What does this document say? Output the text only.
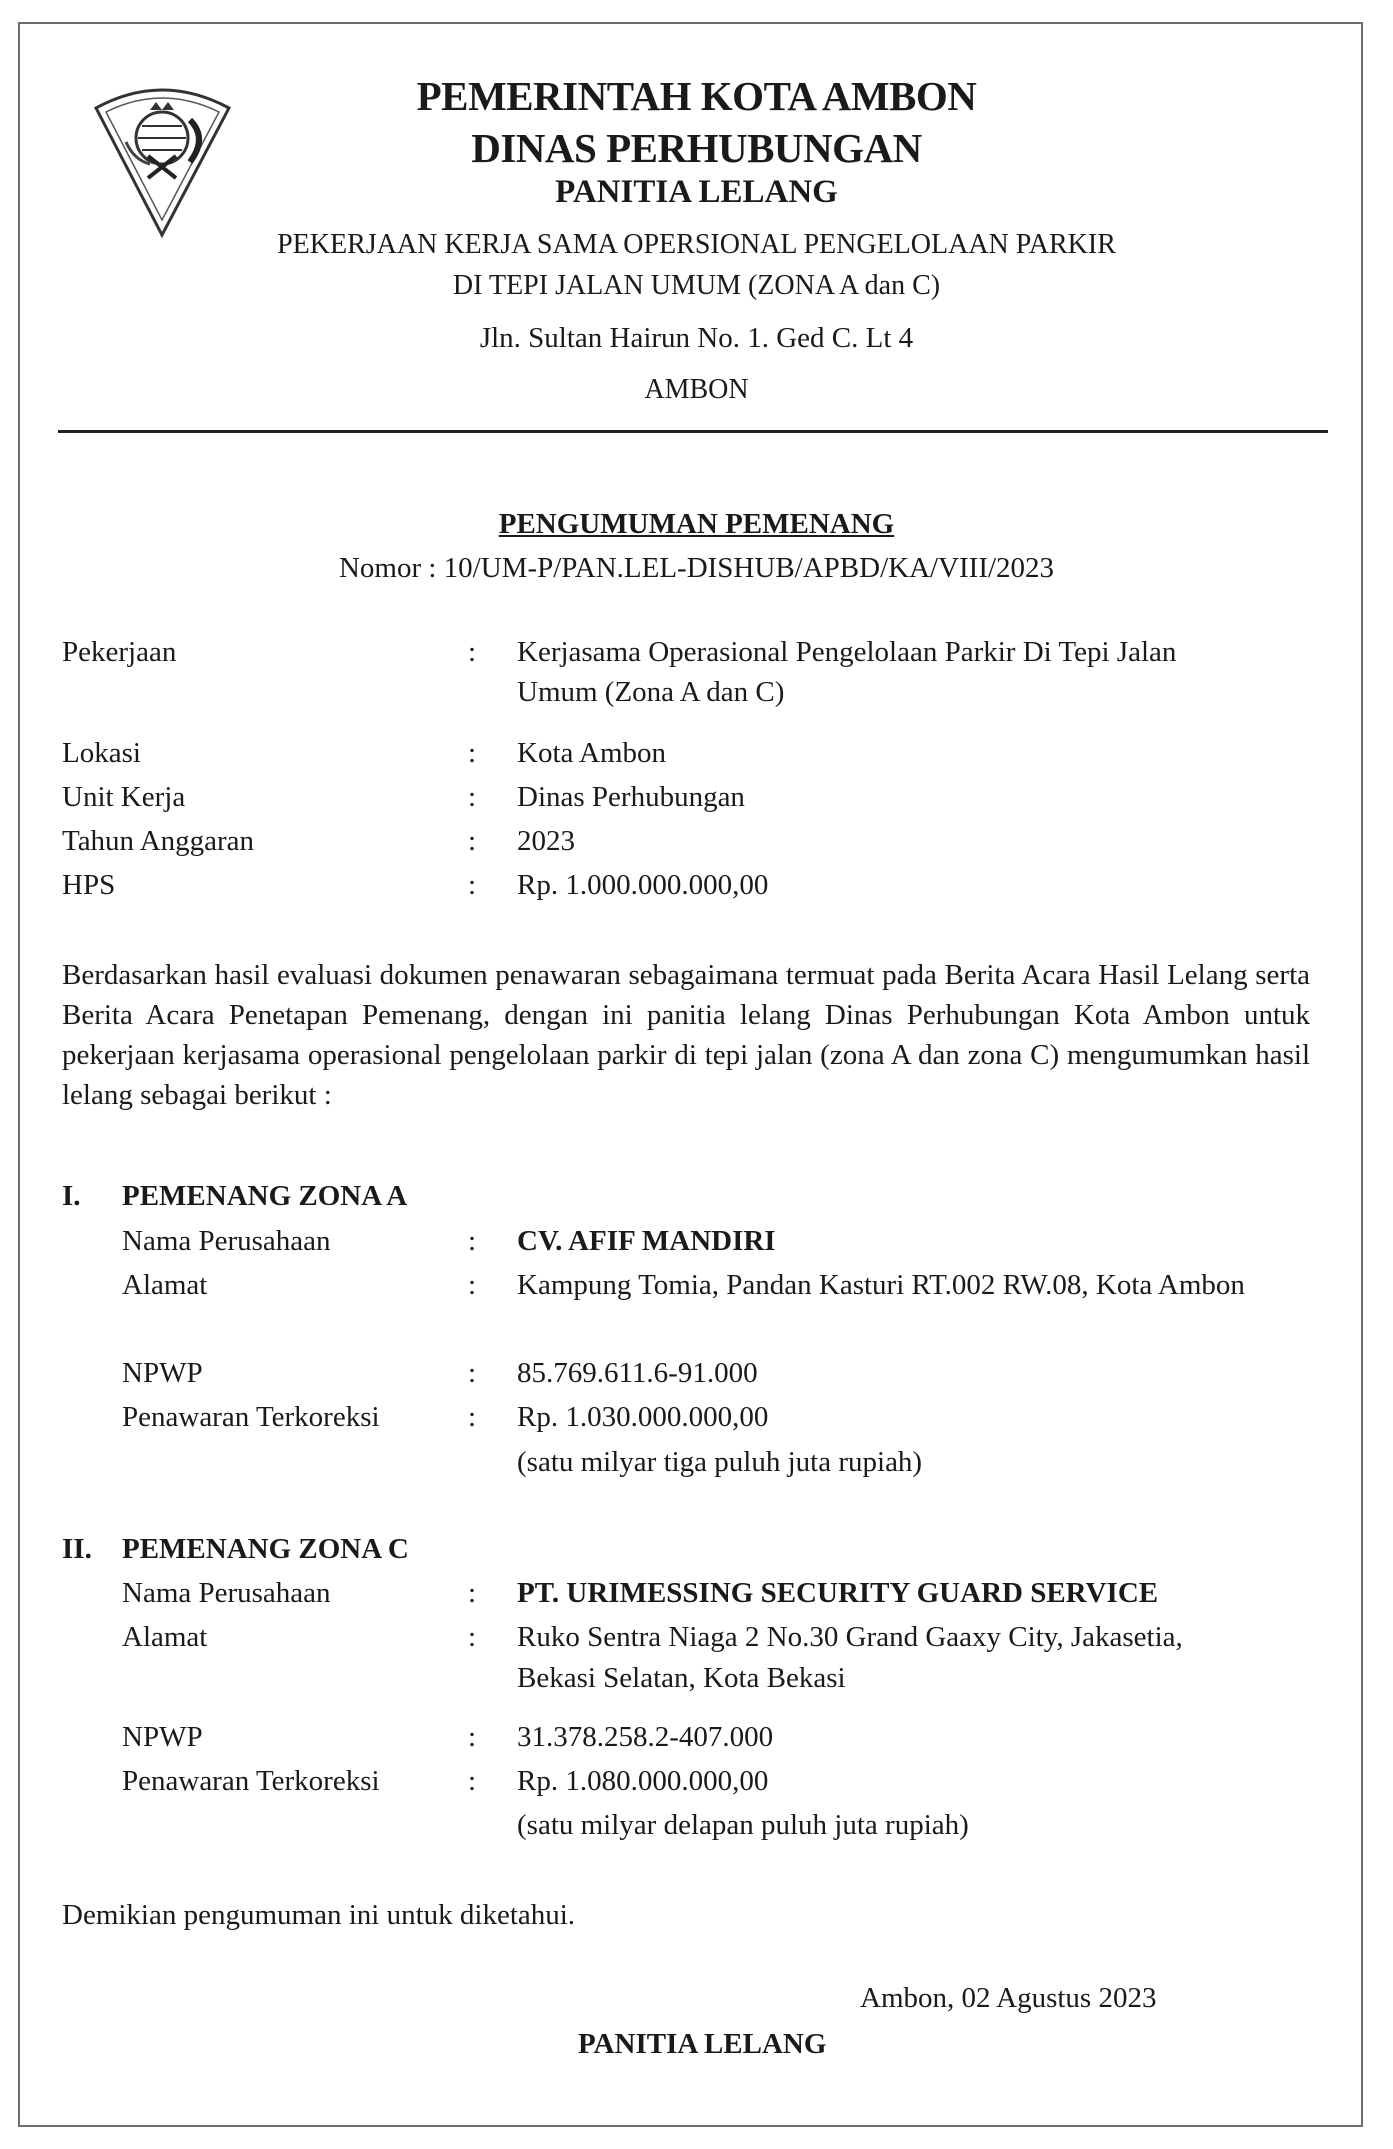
PEMERINTAH KOTA AMBON
DINAS PERHUBUNGAN
PANITIA LELANG
PEKERJAAN KERJA SAMA OPERSIONAL PENGELOLAAN PARKIR
DI TEPI JALAN UMUM (ZONA A dan C)
Jln. Sultan Hairun No. 1. Ged C. Lt 4
AMBON
PENGUMUMAN PEMENANG
Nomor : 10/UM-P/PAN.LEL-DISHUB/APBD/KA/VIII/2023
Pekerjaan	: Kerjasama Operasional Pengelolaan Parkir Di Tepi Jalan
Umum (Zona A dan C)
Lokasi	: Kota Ambon
Unit Kerja	: Dinas Perhubungan
Tahun Anggaran	: 2023
HPS	: Rp. 1.000.000.000,00
Berdasarkan hasil evaluasi dokumen penawaran sebagaimana termuat pada Berita Acara Hasil Lelang serta Berita Acara Penetapan Pemenang, dengan ini panitia lelang Dinas Perhubungan Kota Ambon untuk pekerjaan kerjasama operasional pengelolaan parkir di tepi jalan (zona A dan zona C) mengumumkan hasil lelang sebagai berikut :
I. PEMENANG ZONA A
Nama Perusahaan	: CV. AFIF MANDIRI
Alamat	: Kampung Tomia, Pandan Kasturi RT.002 RW.08, Kota Ambon
NPWP	: 85.769.611.6-91.000
Penawaran Terkoreksi	: Rp. 1.030.000.000,00
(satu milyar tiga puluh juta rupiah)
II. PEMENANG ZONA C
Nama Perusahaan	: PT. URIMESSING SECURITY GUARD SERVICE
Alamat	: Ruko Sentra Niaga 2 No.30 Grand Gaaxy City, Jakasetia,
Bekasi Selatan, Kota Bekasi
NPWP	: 31.378.258.2-407.000
Penawaran Terkoreksi	: Rp. 1.080.000.000,00
(satu milyar delapan puluh juta rupiah)
Demikian pengumuman ini untuk diketahui.
Ambon, 02 Agustus 2023
PANITIA LELANG
